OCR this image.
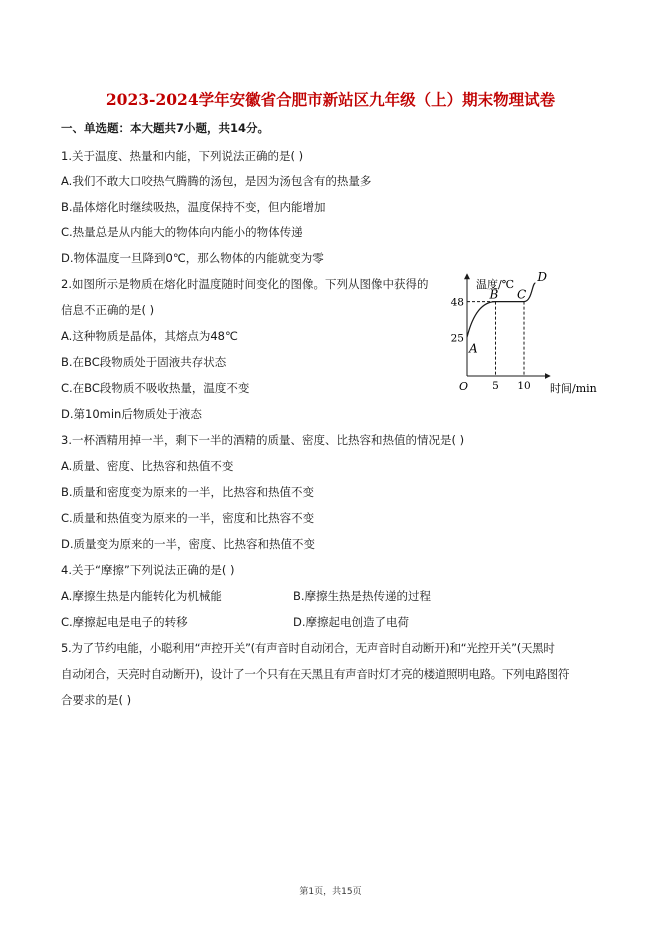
2023-2024学年安徽省合肥市新站区九年级（上）期末物理试卷
一、单选题：本大题共7小题，共14分。
1.关于温度、热量和内能，下列说法正确的是( )
A.我们不敢大口咬热气腾腾的汤包，是因为汤包含有的热量多
B.晶体熔化时继续吸热，温度保持不变，但内能增加
C.热量总是从内能大的物体向内能小的物体传递
D.物体温度一旦降到0℃，那么物体的内能就变为零
2.如图所示是物质在熔化时温度随时间变化的图像。下列从图像中获得的
信息不正确的是( )
A.这种物质是晶体，其熔点为48℃
B.在BC段物质处于固液共存状态
C.在BC段物质不吸收热量，温度不变
D.第10min后物质处于液态
温度/℃
时间/min
O 5 10
25
48
A
B C
D
3.一杯酒精用掉一半，剩下一半的酒精的质量、密度、比热容和热值的情况是( )
A.质量、密度、比热容和热值不变
B.质量和密度变为原来的一半，比热容和热值不变
C.质量和热值变为原来的一半，密度和比热容不变
D.质量变为原来的一半，密度、比热容和热值不变
4.关于“摩擦”下列说法正确的是( )
A.摩擦生热是内能转化为机械能	B.摩擦生热是热传递的过程
C.摩擦起电是电子的转移	D.摩擦起电创造了电荷
5.为了节约电能，小聪利用“声控开关”(有声音时自动闭合，无声音时自动断开)和“光控开关”(天黑时
自动闭合，天亮时自动断开)，设计了一个只有在天黑且有声音时灯才亮的楼道照明电路。下列电路图符
合要求的是( )
第1页，共15页
